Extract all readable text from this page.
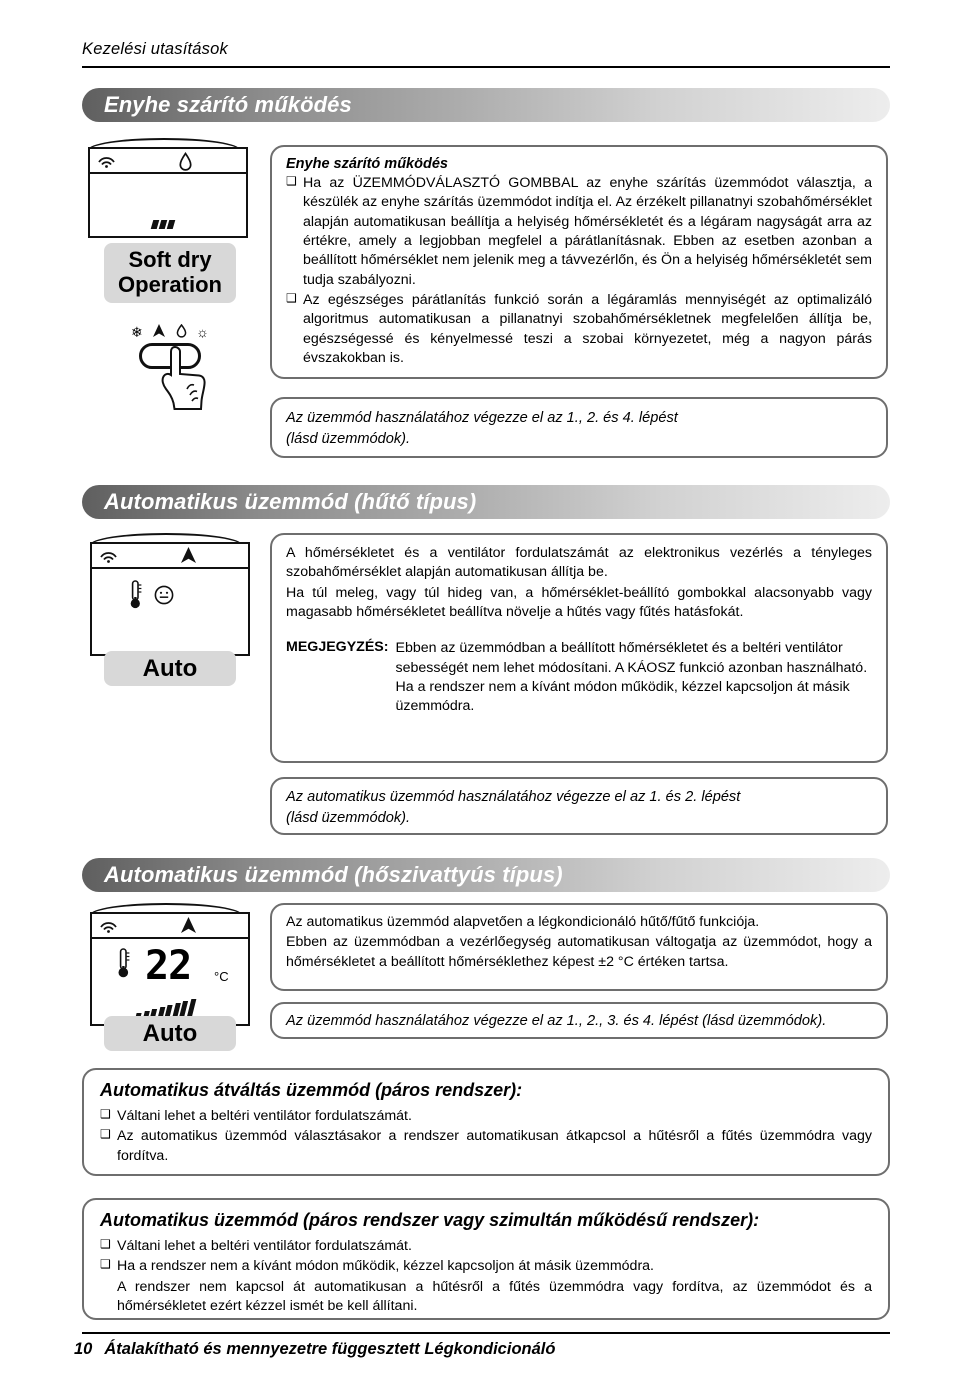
Kezelési utasítások
Enyhe szárító működés
Soft dry
Operation
❄	☼
Enyhe szárító működés
❑ Ha az ÜZEMMÓDVÁLASZTÓ GOMBBAL az enyhe szárítás üzemmódot választja, a készülék az enyhe szárítás üzemmódot indítja el. Az érzékelt pillanatnyi szobahőmérséklet alapján automatikusan beállítja a helyiség hőmérsékletét és a légáram nagyságát arra az értékre, amely a legjobban megfelel a párátlanításnak. Ebben az esetben azonban a beállított hőmérséklet nem jelenik meg a távvezérlőn, és Ön a helyiség hőmérsékletét sem tudja szabályozni.
❑ Az egészséges párátlanítás funkció során a légáramlás mennyiségét az optimalizáló algoritmus automatikusan a pillanatnyi szobahőmérsékletnek megfelelően állítja be, egészségessé és kényelmessé teszi a szobai környezetet, még a nagyon párás évszakokban is.
Az üzemmód használatához végezze el az 1., 2. és 4. lépést
(lásd üzemmódok).
Automatikus üzemmód (hűtő típus)
Auto
A hőmérsékletet és a ventilátor fordulatszámát az elektronikus vezérlés a tényleges szobahőmérséklet alapján automatikusan állítja be.
Ha túl meleg, vagy túl hideg van, a hőmérséklet-beállító gombokkal alacsonyabb vagy magasabb hőmérsékletet beállítva növelje a hűtés vagy fűtés hatásfokát.
MEGJEGYZÉS: Ebben az üzemmódban a beállított hőmérsékletet és a beltéri ventilátor sebességét nem lehet módosítani. A KÁOSZ funkció azonban használható. Ha a rendszer nem a kívánt módon működik, kézzel kapcsoljon át másik üzemmódra.
Az automatikus üzemmód használatához végezze el az 1. és 2. lépést
(lásd üzemmódok).
Automatikus üzemmód (hőszivattyús típus)
22 °C
Auto
Az automatikus üzemmód alapvetően a légkondicionáló hűtő/fűtő funkciója.
Ebben az üzemmódban a vezérlőegység automatikusan váltogatja az üzemmódot, hogy a hőmérsékletet a beállított hőmérséklethez képest ±2 °C értéken tartsa.
Az üzemmód használatához végezze el az 1., 2., 3. és 4. lépést (lásd üzemmódok).
Automatikus átváltás üzemmód (páros rendszer):
❑ Váltani lehet a beltéri ventilátor fordulatszámát.
❑ Az automatikus üzemmód választásakor a rendszer automatikusan átkapcsol a hűtésről a fűtés üzemmódra vagy fordítva.
Automatikus üzemmód (páros rendszer vagy szimultán működésű rendszer):
❑ Váltani lehet a beltéri ventilátor fordulatszámát.
❑ Ha a rendszer nem a kívánt módon működik, kézzel kapcsoljon át másik üzemmódra.
A rendszer nem kapcsol át automatikusan a hűtésről a fűtés üzemmódra vagy fordítva, az üzemmódot és a hőmérsékletet ezért kézzel ismét be kell állítani.
10 Átalakítható és mennyezetre függesztett Légkondicionáló
